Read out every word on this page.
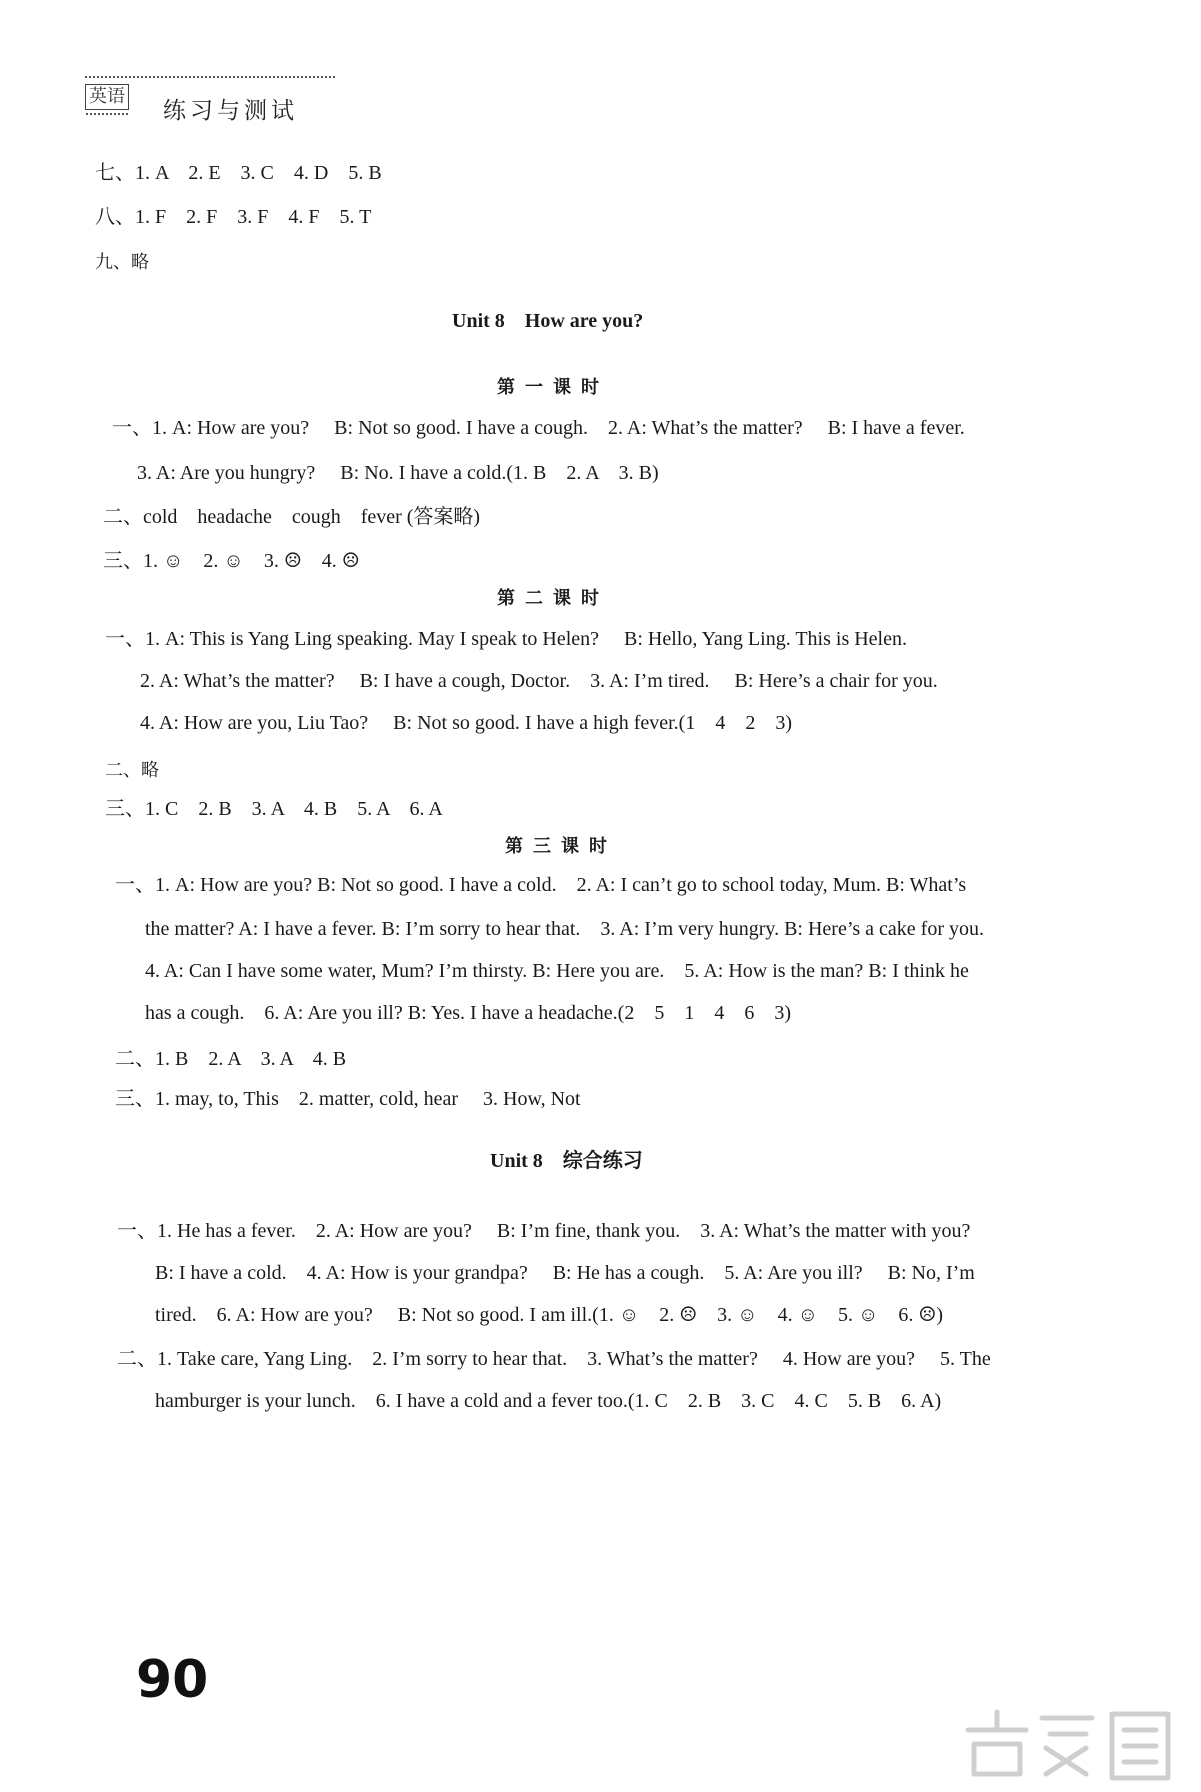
英语
练习与测试
七、1. A　2. E　3. C　4. D　5. B
八、1. F　2. F　3. F　4. F　5. T
九、略
Unit 8　How are you?
第一课时
一、1. A: How are you?　 B: Not so good. I have a cough.　2. A: What’s the matter?　 B: I have a fever.
3. A: Are you hungry?　 B: No. I have a cold.(1. B　2. A　3. B)
二、cold　headache　cough　fever (答案略)
三、1. ☺　2. ☺　3. ☹　4. ☹
第二课时
一、1. A: This is Yang Ling speaking. May I speak to Helen?　 B: Hello, Yang Ling. This is Helen.
2. A: What’s the matter?　 B: I have a cough, Doctor.　3. A: I’m tired.　 B: Here’s a chair for you.
4. A: How are you, Liu Tao?　 B: Not so good. I have a high fever.(1　4　2　3)
二、略
三、1. C　2. B　3. A　4. B　5. A　6. A
第三课时
一、1. A: How are you? B: Not so good. I have a cold.　2. A: I can’t go to school today, Mum. B: What’s
the matter? A: I have a fever. B: I’m sorry to hear that.　3. A: I’m very hungry. B: Here’s a cake for you.
4. A: Can I have some water, Mum? I’m thirsty. B: Here you are.　5. A: How is the man? B: I think he
has a cough.　6. A: Are you ill? B: Yes. I have a headache.(2　5　1　4　6　3)
二、1. B　2. A　3. A　4. B
三、1. may, to, This　2. matter, cold, hear　 3. How, Not
Unit 8　综合练习
一、1. He has a fever.　2. A: How are you?　 B: I’m fine, thank you.　3. A: What’s the matter with you?
B: I have a cold.　4. A: How is your grandpa?　 B: He has a cough.　5. A: Are you ill?　 B: No, I’m
tired.　6. A: How are you?　 B: Not so good. I am ill.(1. ☺　2. ☹　3. ☺　4. ☺　5. ☺　6. ☹)
二、1. Take care, Yang Ling.　2. I’m sorry to hear that.　3. What’s the matter?　 4. How are you?　 5. The
hamburger is your lunch.　6. I have a cold and a fever too.(1. C　2. B　3. C　4. C　5. B　6. A)
90
